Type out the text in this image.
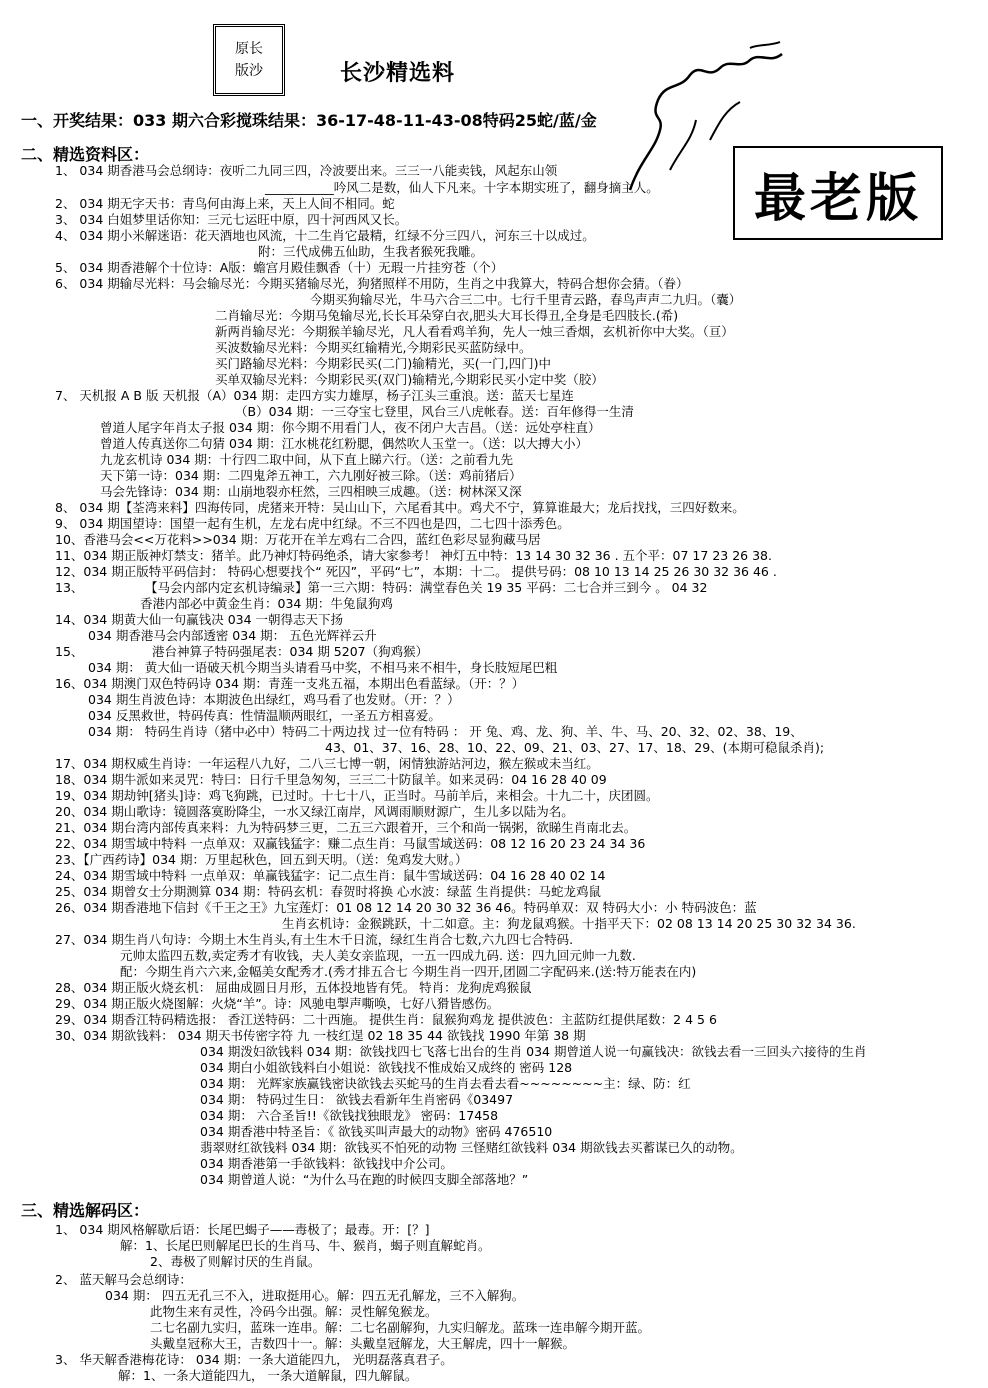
原长
版沙	长沙精选料
最老版
一、开奖结果：033 期六合彩搅珠结果：36-17-48-11-43-08特码25蛇/蓝/金
二、精选资料区：
三、精选解码区：
1、 034 期香港马会总纲诗：夜听二九同三四，冷波要出来。三三一八能卖钱，风起东山领
___________吟风二是数，仙人下凡来。十字本期实班了，翻身摘主人。
2、 034 期无字天书：青鸟何由海上来，天上人间不相同。蛇
3、 034 白姐梦里话你知：三元七运旺中原，四十河西风又长。
4、 034 期小米解迷语：花天酒地也风流，十二生肖它最精，红绿不分三四八，河东三十以成过。
附：三代成佛五仙助，生我者猴死我雕。
5、 034 期香港解个十位诗：A版：蟾宫月殿佳飘香（十）无瑕一片挂穷苍（个）
6、 034 期输尽光料：马会输尽光：今期买猪输尽光，狗猪照样不用防，生肖之中我算大，特码合想你会猜。（眷）
今期买狗输尽光，牛马六合三二中。七行千里青云路，春鸟声声二九归。（囊）
二肖输尽光：今期马兔输尽光,长长耳朵穿白衣,肥头大耳长得丑,全身是毛四肢长.(希)
新两肖输尽光：今期猴羊输尽光，凡人看看鸡羊狗，先人一烛三香烟，玄机祈你中大奖。（亘）
买波数输尽光料：今期买红输精光,今期彩民买蓝防绿中。
买门路输尽光料：今期彩民买(二门)输精光，买(一门,四门)中
买单双输尽光料：今期彩民买(双门)输精光,今期彩民买小定中奖（胶）
7、 天机报 A B 版 天机报（A）034 期：走四方实力雄厚，杨子江头三重浪。送：蓝天七星连
（B）034 期：一三夺宝七登里，风台三八虎帐春。送：百年修得一生清
曾道人尾字年肖太子报 034 期：你今期不用看门人，夜不闭户大吉昌。（送：远处亭柱直）
曾道人传真送你二句猜 034 期：江水桃花红粉腮，偶然吹人玉堂一。（送：以大搏大小）
九龙玄机诗 034 期：十行四二取中间，从下直上睇六行。（送：之前看九先
天下第一诗：034 期：二四鬼斧五神工，六九刚好被三除。（送：鸡前猪后）
马会先锋诗：034 期：山崩地裂亦枉然，三四相映三成趣。（送：树林深又深
8、 034 期【荃湾来料】四海传同，虎猪来开特：吴山山下，六尾看其中。鸡犬不宁，算算谁最大；龙后找找，三四好数来。
9、 034 期国望诗：国望一起有生机，左龙右虎中红绿。不三不四也是四，二七四十添秀色。
10、香港马会<<万花料>>034 期：万花开在羊左鸡右二合四，蓝红色彩尽显狗藏马居
11、034 期正版神灯禁支：猪羊。此乃神灯特码绝杀，请大家参考！ 神灯五中特：13 14 30 32 36 . 五个平：07 17 23 26 38.
12、034 期正版特平码信封： 特码心想要找个“ 死囚”，平码“七”，本期：十二。 提供号码：08 10 13 14 25 26 30 32 36 46 .
13、	【马会内部内定玄机诗编录】第一三六期：特码：满堂春色关 19 35 平码：二七合并三到今 。 04 32
香港内部必中黄金生肖：034 期：牛兔鼠狗鸡
14、034 期黄大仙一句赢钱决 034 一朝得志天下扬
034 期香港马会内部透密 034 期： 五色光辉祥云升
15、	港台神算子特码强尾表：034 期 5207（狗鸡猴）
034 期： 黄大仙一语破天机今期当头请看马中奖，不相马来不相牛，身长肢短尾巴粗
16、034 期澳门双色特码诗 034 期：青莲一支兆五福，本期出色看蓝绿。（开：？）
034 期生肖波色诗：本期波色出绿红，鸡马看了也发财。（开：？）
034 反黑救世，特码传真：性情温顺两眼红，一圣五方相喜爱。
034 期： 特码生肖诗（猪中必中）特码二十两边找 过一位有特码 ： 开 兔、鸡、龙、狗、羊、牛、马、20、32、02、38、19、
43、01、37、16、28、10、22、09、21、03、27、17、18、29、(本期可稳鼠杀肖);
17、034 期权威生肖诗：一年运程八九好，二八三七博一朝，闲情独游站河边，猴左猴或未当红。
18、034 期牛派如来灵咒：特曰：日行千里急匆匆，三三二十防鼠羊。如来灵码：04 16 28 40 09
19、034 期劫钟[猪头]诗：鸡飞狗跳，已过时。十七十八，正当时。马前羊后，来相会。十九二十，庆团圆。
20、034 期山歌诗：镜圆落寞盼降尘，一水又绿江南岸，风调雨顺财源广，生儿多以陆为名。
21、034 期台湾内部传真来料：九为特码梦三更，二五三六跟着开，三个和尚一锅粥，欲睇生肖南北去。
22、034 期雪域中特料 一点单双：双赢钱猛字：赚二点生肖：马鼠雪域送码：08 12 16 20 23 24 34 36
23、【广西药诗】034 期：万里起秋色，回五到天明。（送：兔鸡发大财。）
24、034 期雪域中特料 一点单双：单赢钱猛字：记二点生肖：鼠牛雪域送码：04 16 28 40 02 14
25、034 期曾女士分期测算 034 期：特码玄机：春贺时将换 心水波：绿蓝 生肖提供：马蛇龙鸡鼠
26、034 期香港地下信封《千王之王》九宝莲灯：01 08 12 14 20 30 32 36 46。特码单双：双 特码大小：小 特码波色：蓝
生肖玄机诗：金猴跳跃，十二如意。主：狗龙鼠鸡猴。十指平天下：02 08 13 14 20 25 30 32 34 36.
27、034 期生肖八句诗：今期土木生肖头,有土生木千日流，绿红生肖合七数,六九四七合特码.
元帅太监四五数,卖定秀才有收钱，夫人美女亲监现，一五一四成九码. 送：四九回元帅一九数.
配：今期生肖六六来,金幅美女配秀才.(秀才排五合七 今期生肖一四开,团圆二字配码来.(送:特万能表在内)
28、034 期正版火烧玄机： 屈曲成圆日月形，五体投地皆有凭。 特肖：龙狗虎鸡猴鼠
29、034 期正版火烧图解：火烧“羊”。诗：风驰电掣声嘶唤，七好八猾皆感伤。
29、034 期香江特码精选报： 香江送特码：二十西施。 提供生肖：鼠猴狗鸡龙 提供波色：主蓝防红提供尾数：2 4 5 6
30、034 期欲钱料： 034 期天书传密字符 九 一枝红逞 02 18 35 44 欲钱找 1990 年第 38 期
034 期泼妇欲钱料 034 期：欲钱找四七飞落七出台的生肖 034 期曾道人说一句赢钱决：欲钱去看一三回头六接待的生肖
034 期白小姐欲钱料白小姐说：欲钱找不惟成始又成终的 密码 128
034 期： 光辉家族赢钱密诀欲钱去买蛇马的生肖去看去看~~~~~~~~主：绿、防：红
034 期： 特码过生日： 欲钱去看新年生肖密码《03497
034 期： 六合圣旨!!《欲钱找独眼龙》 密码：17458
034 期香港中特圣旨：《 欲钱买叫声最大的动物》密码 476510
翡翠财红欲钱料 034 期：欲钱买不怕死的动物 三怪赌红欲钱料 034 期欲钱去买蓄谋已久的动物。
034 期香港第一手欲钱料：欲钱找中介公司。
034 期曾道人说：“为什么马在跑的时候四支脚全部落地？”
1、 034 期风格解歇后语：长尾巴蝎子——毒极了；最毒。开：[？]
解：1、长尾巴则解尾巴长的生肖马、牛、猴肖，蝎子则直解蛇肖。
2、毒极了则解讨厌的生肖鼠。
2、 蓝天解马会总纲诗：
034 期： 四五无孔三不入，进取挺用心。解：四五无孔解龙，三不入解狗。
此物生来有灵性，冷码今出强。解：灵性解兔猴龙。
二七名副九实归，蓝珠一连串。解：二七名副解狗，九实归解龙。蓝珠一连串解今期开蓝。
头戴皇冠称大王，吉数四十一。解：头戴皇冠解龙，大王解虎，四十一解猴。
3、 华天解香港梅花诗： 034 期：一条大道能四九， 光明磊落真君子。
解：1、一条大道能四九， 一条大道解鼠，四九解鼠。
